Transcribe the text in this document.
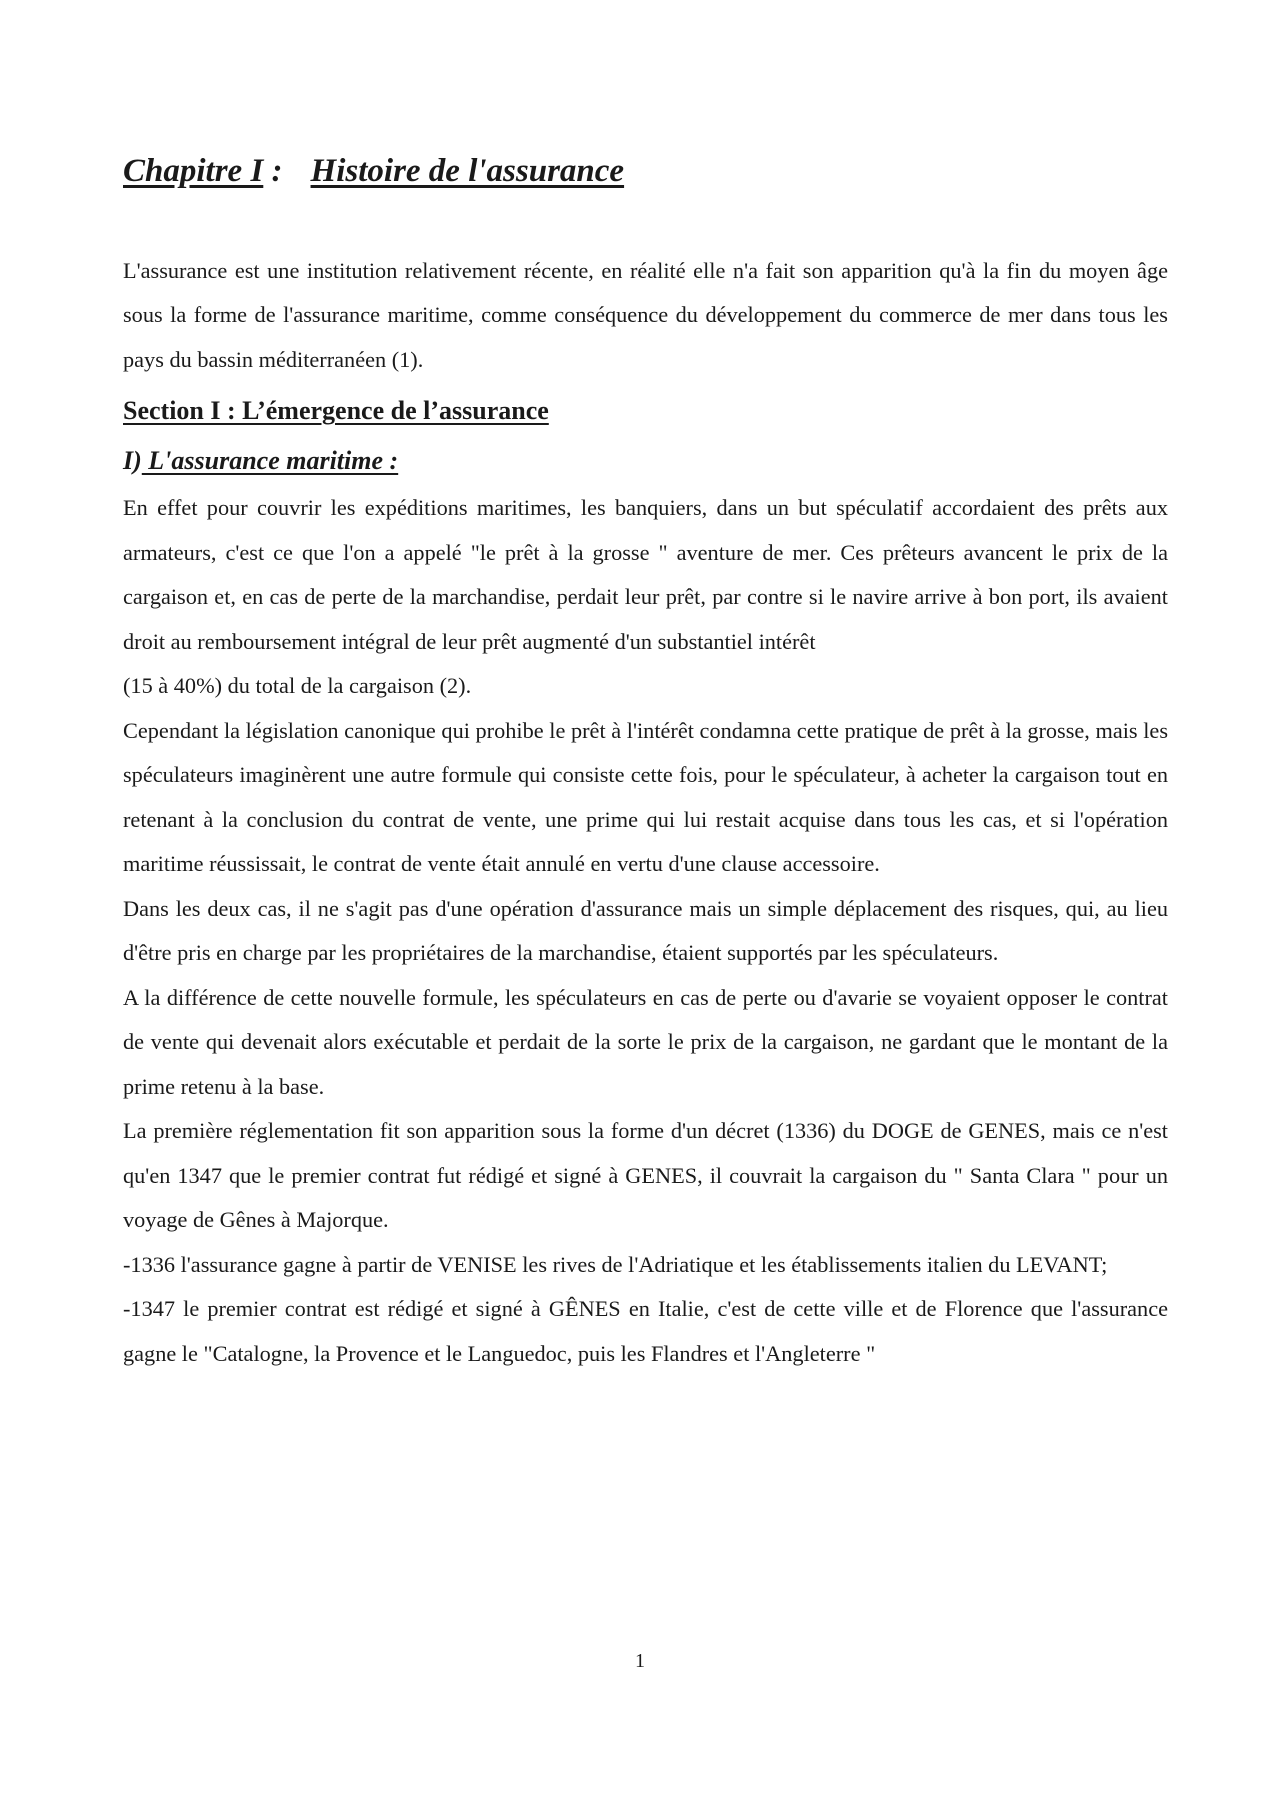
Chapitre I : Histoire de l'assurance

L'assurance est une institution relativement récente, en réalité elle n'a fait son apparition qu'à la fin du moyen âge sous la forme de l'assurance maritime, comme conséquence du développement du commerce de mer dans tous les pays du bassin méditerranéen (1).

Section I : L’émergence de l’assurance
I) L'assurance maritime :

En effet pour couvrir les expéditions maritimes, les banquiers, dans un but spéculatif accordaient des prêts aux armateurs, c'est ce que l'on a appelé "le prêt à la grosse " aventure de mer. Ces prêteurs avancent le prix de la cargaison et, en cas de perte de la marchandise, perdait leur prêt, par contre si le navire arrive à bon port, ils avaient droit au remboursement intégral de leur prêt augmenté d'un substantiel intérêt

(15 à 40%) du total de la cargaison (2).

Cependant la législation canonique qui prohibe le prêt à l'intérêt condamna cette pratique de prêt à la grosse, mais les spéculateurs imaginèrent une autre formule qui consiste cette fois, pour le spéculateur, à acheter la cargaison tout en retenant à la conclusion du contrat de vente, une prime qui lui restait acquise dans tous les cas, et si l'opération maritime réussissait, le contrat de vente était annulé en vertu d'une clause accessoire.

Dans les deux cas, il ne s'agit pas d'une opération d'assurance mais un simple déplacement des risques, qui, au lieu d'être pris en charge par les propriétaires de la marchandise, étaient supportés par les spéculateurs.

A la différence de cette nouvelle formule, les spéculateurs en cas de perte ou d'avarie se voyaient opposer le contrat de vente qui devenait alors exécutable et perdait de la sorte le prix de la cargaison, ne gardant que le montant de la prime retenu à la base.

La première réglementation fit son apparition sous la forme d'un décret (1336) du DOGE de GENES, mais ce n'est qu'en 1347 que le premier contrat fut rédigé et signé à GENES, il couvrait la cargaison du " Santa Clara " pour un voyage de Gênes à Majorque.

-1336 l'assurance gagne à partir de VENISE les rives de l'Adriatique et les établissements italien du LEVANT;

-1347 le premier contrat est rédigé et signé à GÊNES en Italie, c'est de cette ville et de Florence que l'assurance gagne le "Catalogne, la Provence et le Languedoc, puis les Flandres et l'Angleterre "

1
